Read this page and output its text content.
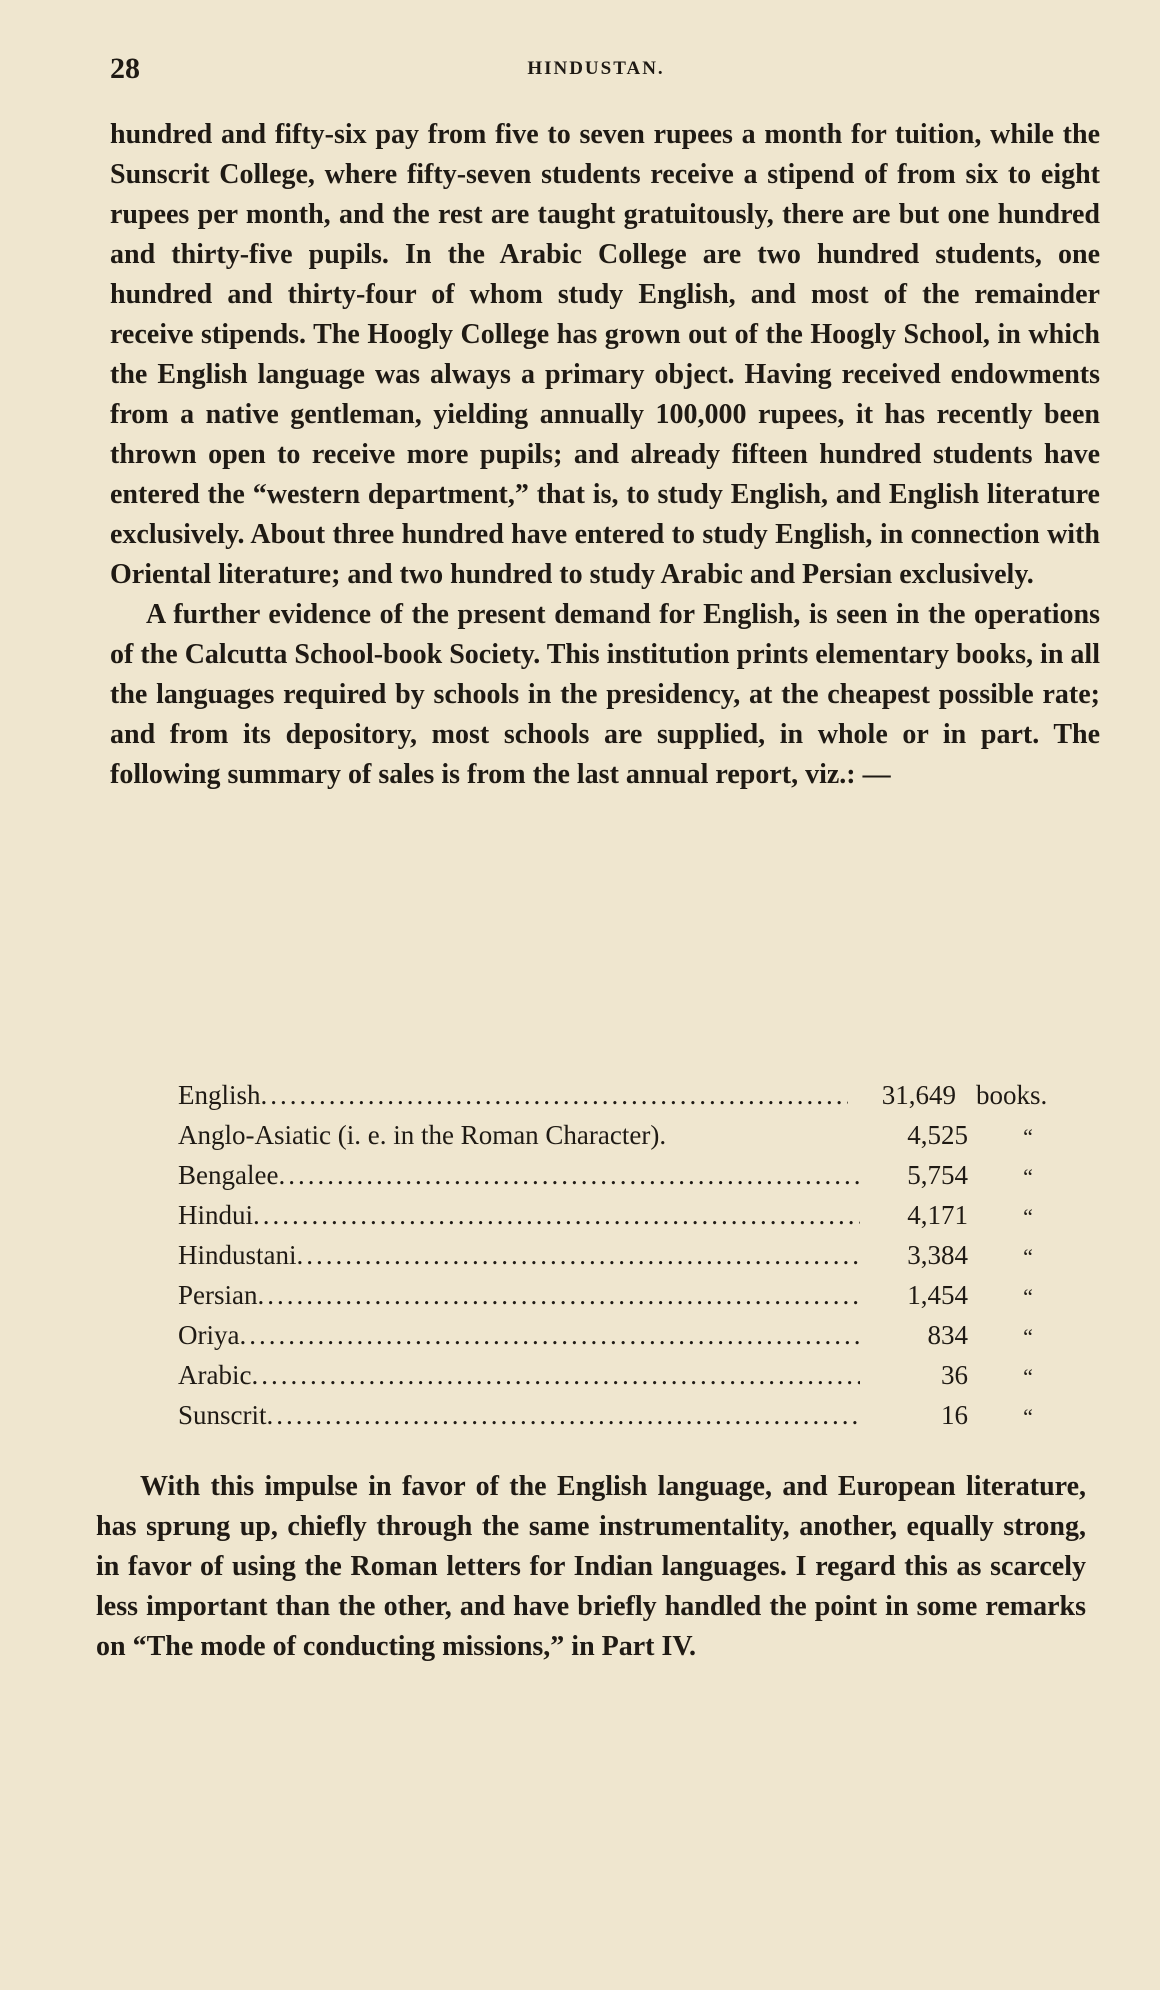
28	HINDUSTAN.

hundred and fifty-six pay from five to seven rupees a month for tuition, while the Sunscrit College, where fifty-seven students receive a stipend of from six to eight rupees per month, and the rest are taught gratuitously, there are but one hundred and thirty-five pupils. In the Arabic College are two hundred students, one hundred and thirty-four of whom study English, and most of the remainder receive stipends. The Hoogly College has grown out of the Hoogly School, in which the English language was always a primary object. Having received endowments from a native gentleman, yielding annually 100,000 rupees, it has recently been thrown open to receive more pupils; and already fifteen hundred students have entered the “western department,” that is, to study English, and English literature exclusively. About three hundred have entered to study English, in connection with Oriental literature; and two hundred to study Arabic and Persian exclusively.

A further evidence of the present demand for English, is seen in the operations of the Calcutta School-book Society. This institution prints elementary books, in all the languages required by schools in the presidency, at the cheapest possible rate; and from its depository, most schools are supplied, in whole or in part. The following summary of sales is from the last annual report, viz.: —

English .....	31,649 books.
Anglo-Asiatic (i. e. in the Roman Character).	4,525	“
Bengalee .....	5,754	“
Hindui .....	4,171	“
Hindustani .....	3,384	“
Persian .....	1,454	“
Oriya .....	834	“
Arabic .....	36	“
Sunscrit .....	16	“

With this impulse in favor of the English language, and European literature, has sprung up, chiefly through the same instrumentality, another, equally strong, in favor of using the Roman letters for Indian languages. I regard this as scarcely less important than the other, and have briefly handled the point in some remarks on “The mode of conducting missions,” in Part IV.
